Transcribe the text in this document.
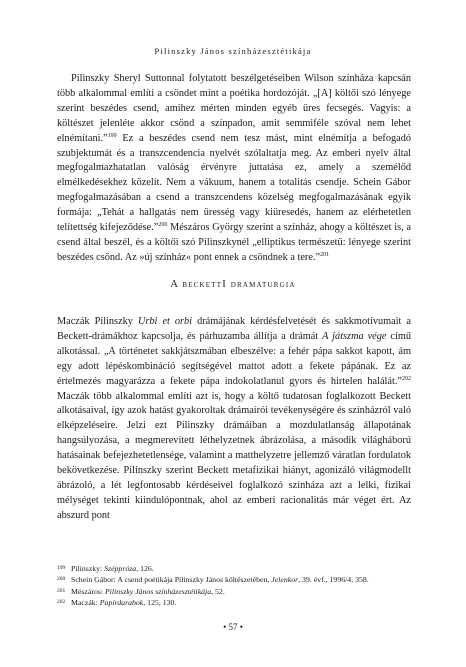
Pilinszky János színházesztétikája
Pilinszky Sheryl Suttonnal folytatott beszélgetéseiben Wilson színháza kapcsán több alkalommal említi a csöndet mint a poétika hordozóját. „[A] költői szó lényege szerint beszédes csend, amihez mérten minden egyéb üres fecsegés. Vagyis: a költészet jelenléte akkor csönd a színpadon, amit semmiféle szóval nem lehet elnémítani.”$^{199}$ Ez a beszédes csend nem tesz mást, mint elnémítja a befogadó szubjektumát és a transzcendencia nyelvét szólaltatja meg. Az emberi nyelv által megfogalmazhatatlan valóság érvényre juttatása ez, amely a személőd elmélkedésekhez közelít. Nem a vákuum, hanem a totalitás csendje. Schein Gábor megfogalmazásában a csend a transzcendens közelség megfogalmazásának egyik formája: „Tehát a hallgatás nem üresség vagy kiüresedés, hanem az elérhetetlen telítettség kifejeződése.”$^{200}$ Mészáros György szerint a színház, ahogy a költészet is, a csend által beszél, és a költői szó Pilinszkynél „elliptikus természetű: lényege szerint beszédes csönd. Az »új színház« pont ennek a csöndnek a tere.”$^{201}$
A beckettI dramaturgia
Maczák Pilinszky Urbi et orbi drámájának kérdésfelvetését és sakkmotívumait a Beckett-drámákhoz kapcsolja, és párhuzamba állítja a drámát A játszma vége című alkotással. „A történetet sakkjátszmában elbeszélve: a fehér pápa sakkot kapott, ám egy adott lépéskombináció segítségével mattot adott a fekete pápának. Ez az értelmezés magyarázza a fekete pápa indokolatlanul gyors és hirtelen halálát.”$^{202}$ Maczák több alkalommal említi azt is, hogy a költő tudatosan foglalkozott Beckett alkotásaival, így azok hatást gyakoroltak drámaírói tevékenységére és színházról való elképzeléseire. Jelzi ezt Pilinszky drámáiban a mozdulatlanság állapotának hangsúlyozása, a megmerevített léthelyzetnek ábrázolása, a második világháború hatásainak befejezhetetlensége, valamint a matthelyzetre jellemző váratlan fordulatok bekövetkezése. Pilinszky szerint Beckett metafizikai hiányt, agonizáló világmodellt ábrázoló, a lét legfontosabb kérdéseivel foglalkozó színháza azt a lelki, fizikai mélységet tekinti kiindulópontnak, ahol az emberi racionalitás már véget ért. Az abszurd pont
199 Pilinszky: Széppróza, 126.
200 Schein Gábor: A csend poétikája Pilinszky János költészetében, Jelenkor, 39. évf., 1996/4, 358.
201 Mészáros: Pilinszky János színházesztétikája, 52.
202 Maczák: Papírdarabok, 125, 130.
• 57 •
